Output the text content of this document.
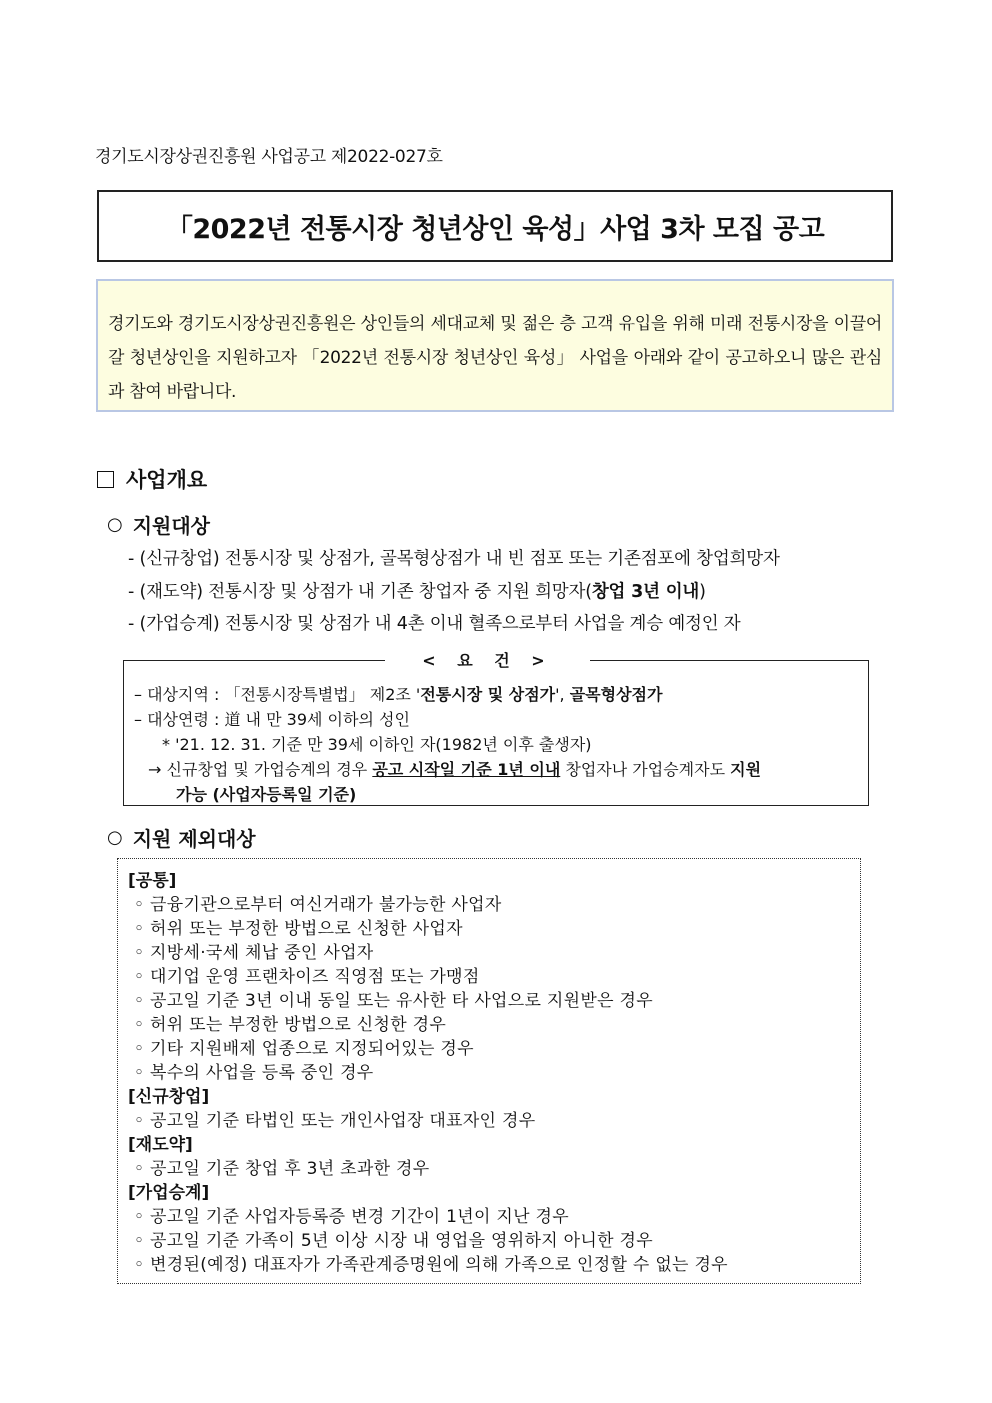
경기도시장상권진흥원 사업공고 제2022-027호
「2022년 전통시장 청년상인 육성」사업 3차 모집 공고
경기도와 경기도시장상권진흥원은 상인들의 세대교체 및 젊은 층 고객 유입을 위해 미래 전통시장을 이끌어 갈 청년상인을 지원하고자 「2022년 전통시장 청년상인 육성」 사업을 아래와 같이 공고하오니 많은 관심과 참여 바랍니다.
사업개요
○ 지원대상
- (신규창업) 전통시장 및 상점가, 골목형상점가 내 빈 점포 또는 기존점포에 창업희망자
- (재도약) 전통시장 및 상점가 내 기존 창업자 중 지원 희망자(창업 3년 이내)
- (가업승계) 전통시장 및 상점가 내 4촌 이내 혈족으로부터 사업을 계승 예정인 자
< 요 건 >
– 대상지역 : 「전통시장특별법」 제2조 '전통시장 및 상점가', 골목형상점가
– 대상연령 : 道 내 만 39세 이하의 성인
* '21. 12. 31. 기준 만 39세 이하인 자(1982년 이후 출생자)
→ 신규창업 및 가업승계의 경우 공고 시작일 기준 1년 이내 창업자나 가업승계자도 지원
가능 (사업자등록일 기준)
○ 지원 제외대상
[공통]
◦ 금융기관으로부터 여신거래가 불가능한 사업자
◦ 허위 또는 부정한 방법으로 신청한 사업자
◦ 지방세·국세 체납 중인 사업자
◦ 대기업 운영 프랜차이즈 직영점 또는 가맹점
◦ 공고일 기준 3년 이내 동일 또는 유사한 타 사업으로 지원받은 경우
◦ 허위 또는 부정한 방법으로 신청한 경우
◦ 기타 지원배제 업종으로 지정되어있는 경우
◦ 복수의 사업을 등록 중인 경우
[신규창업]
◦ 공고일 기준 타법인 또는 개인사업장 대표자인 경우
[재도약]
◦ 공고일 기준 창업 후 3년 초과한 경우
[가업승계]
◦ 공고일 기준 사업자등록증 변경 기간이 1년이 지난 경우
◦ 공고일 기준 가족이 5년 이상 시장 내 영업을 영위하지 아니한 경우
◦ 변경된(예정) 대표자가 가족관계증명원에 의해 가족으로 인정할 수 없는 경우
